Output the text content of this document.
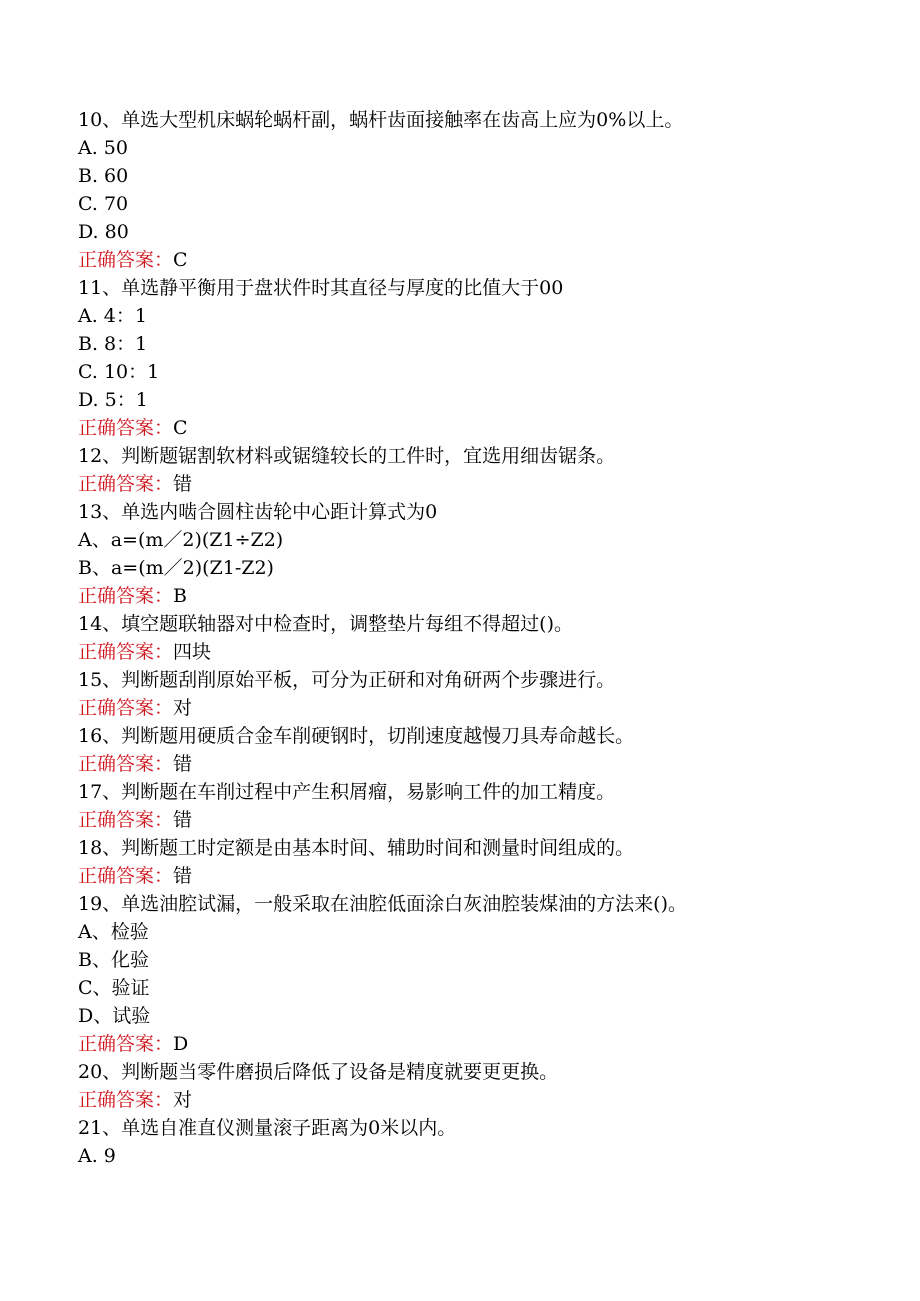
10、单选大型机床蜗轮蜗杆副，蜗杆齿面接触率在齿高上应为0%以上。
A. 50
B. 60
C. 70
D. 80
正确答案：C
11、单选静平衡用于盘状件时其直径与厚度的比值大于00
A. 4：1
B. 8：1
C. 10：1
D. 5：1
正确答案：C
12、判断题锯割软材料或锯缝较长的工件时，宜选用细齿锯条。
正确答案：错
13、单选内啮合圆柱齿轮中心距计算式为0
A、a=(m／2)(Z1÷Z2)
B、a=(m／2)(Z1-Z2)
正确答案：B
14、填空题联轴器对中检查时，调整垫片每组不得超过()。
正确答案：四块
15、判断题刮削原始平板，可分为正研和对角研两个步骤进行。
正确答案：对
16、判断题用硬质合金车削硬钢时，切削速度越慢刀具寿命越长。
正确答案：错
17、判断题在车削过程中产生积屑瘤，易影响工件的加工精度。
正确答案：错
18、判断题工时定额是由基本时间、辅助时间和测量时间组成的。
正确答案：错
19、单选油腔试漏，一般采取在油腔低面涂白灰油腔装煤油的方法来()。
A、检验
B、化验
C、验证
D、试验
正确答案：D
20、判断题当零件磨损后降低了设备是精度就要更更换。
正确答案：对
21、单选自准直仪测量滚子距离为0米以内。
A. 9
